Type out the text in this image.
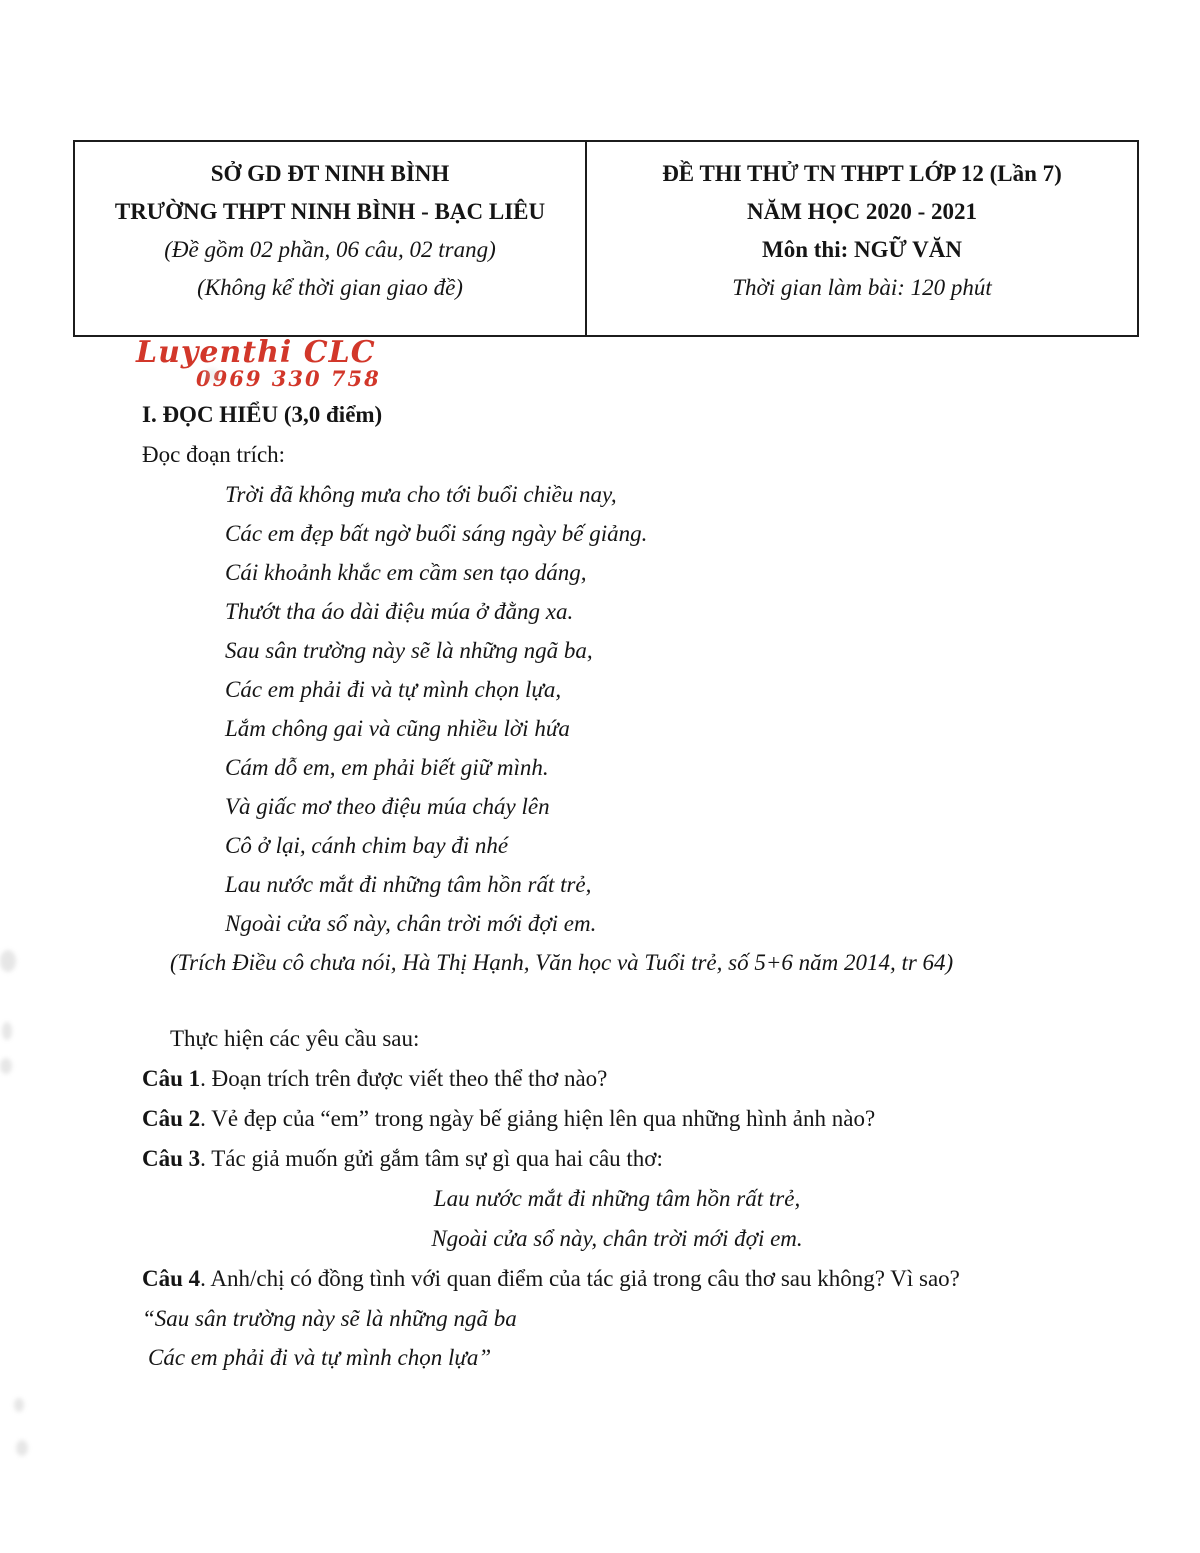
SỞ GD ĐT NINH BÌNH
TRƯỜNG THPT NINH BÌNH - BẠC LIÊU
(Đề gồm 02 phần, 06 câu, 02 trang)
(Không kể thời gian giao đề)
ĐỀ THI THỬ TN THPT LỚP 12 (Lần 7)
NĂM HỌC 2020 - 2021
Môn thi: NGỮ VĂN
Thời gian làm bài: 120 phút
Luyenthi CLC
0969 330 758
I. ĐỌC HIỂU (3,0 điểm)
Đọc đoạn trích:
Trời đã không mưa cho tới buổi chiều nay,
Các em đẹp bất ngờ buổi sáng ngày bế giảng.
Cái khoảnh khắc em cầm sen tạo dáng,
Thướt tha áo dài điệu múa ở đằng xa.
Sau sân trường này sẽ là những ngã ba,
Các em phải đi và tự mình chọn lựa,
Lắm chông gai và cũng nhiều lời hứa
Cám dỗ em, em phải biết giữ mình.
Và giấc mơ theo điệu múa cháy lên
Cô ở lại, cánh chim bay đi nhé
Lau nước mắt đi những tâm hồn rất trẻ,
Ngoài cửa sổ này, chân trời mới đợi em.
(Trích Điều cô chưa nói, Hà Thị Hạnh, Văn học và Tuổi trẻ, số 5+6 năm 2014, tr 64)
Thực hiện các yêu cầu sau:
Câu 1. Đoạn trích trên được viết theo thể thơ nào?
Câu 2. Vẻ đẹp của “em” trong ngày bế giảng hiện lên qua những hình ảnh nào?
Câu 3. Tác giả muốn gửi gắm tâm sự gì qua hai câu thơ:
Lau nước mắt đi những tâm hồn rất trẻ,
Ngoài cửa sổ này, chân trời mới đợi em.
Câu 4. Anh/chị có đồng tình với quan điểm của tác giả trong câu thơ sau không? Vì sao?
“Sau sân trường này sẽ là những ngã ba
Các em phải đi và tự mình chọn lựa”
